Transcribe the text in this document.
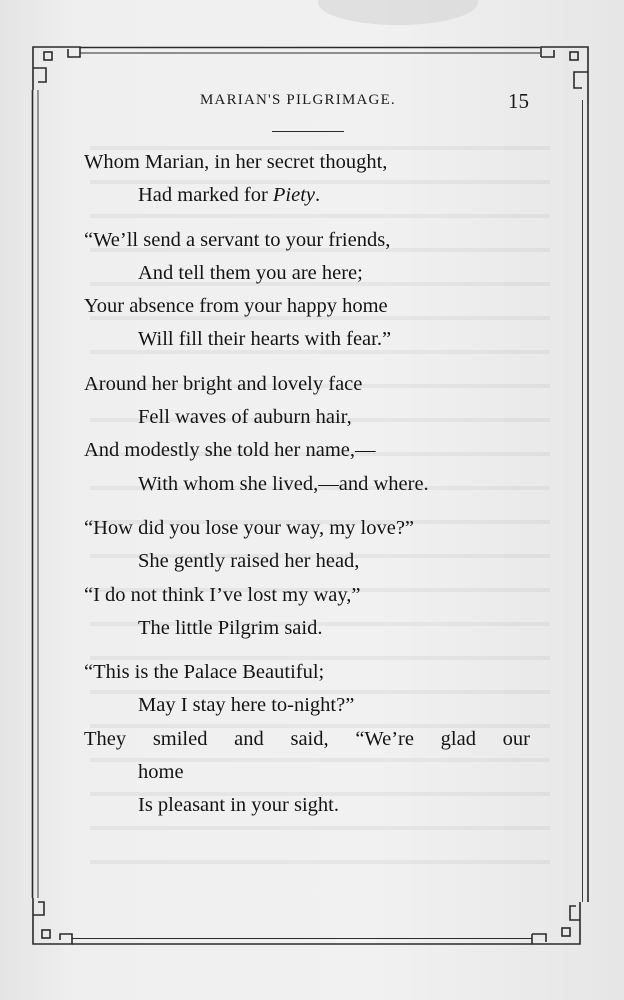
MARIAN'S PILGRIMAGE.	15
Whom Marian, in her secret thought,
Had marked for Piety.
“We’ll send a servant to your friends,
And tell them you are here;
Your absence from your happy home
Will fill their hearts with fear.”
Around her bright and lovely face
Fell waves of auburn hair,
And modestly she told her name,—
With whom she lived,—and where.
“How did you lose your way, my love?”
She gently raised her head,
“I do not think I’ve lost my way,”
The little Pilgrim said.
“This is the Palace Beautiful;
May I stay here to-night?”
They smiled and said, “We’re glad our
home
Is pleasant in your sight.
